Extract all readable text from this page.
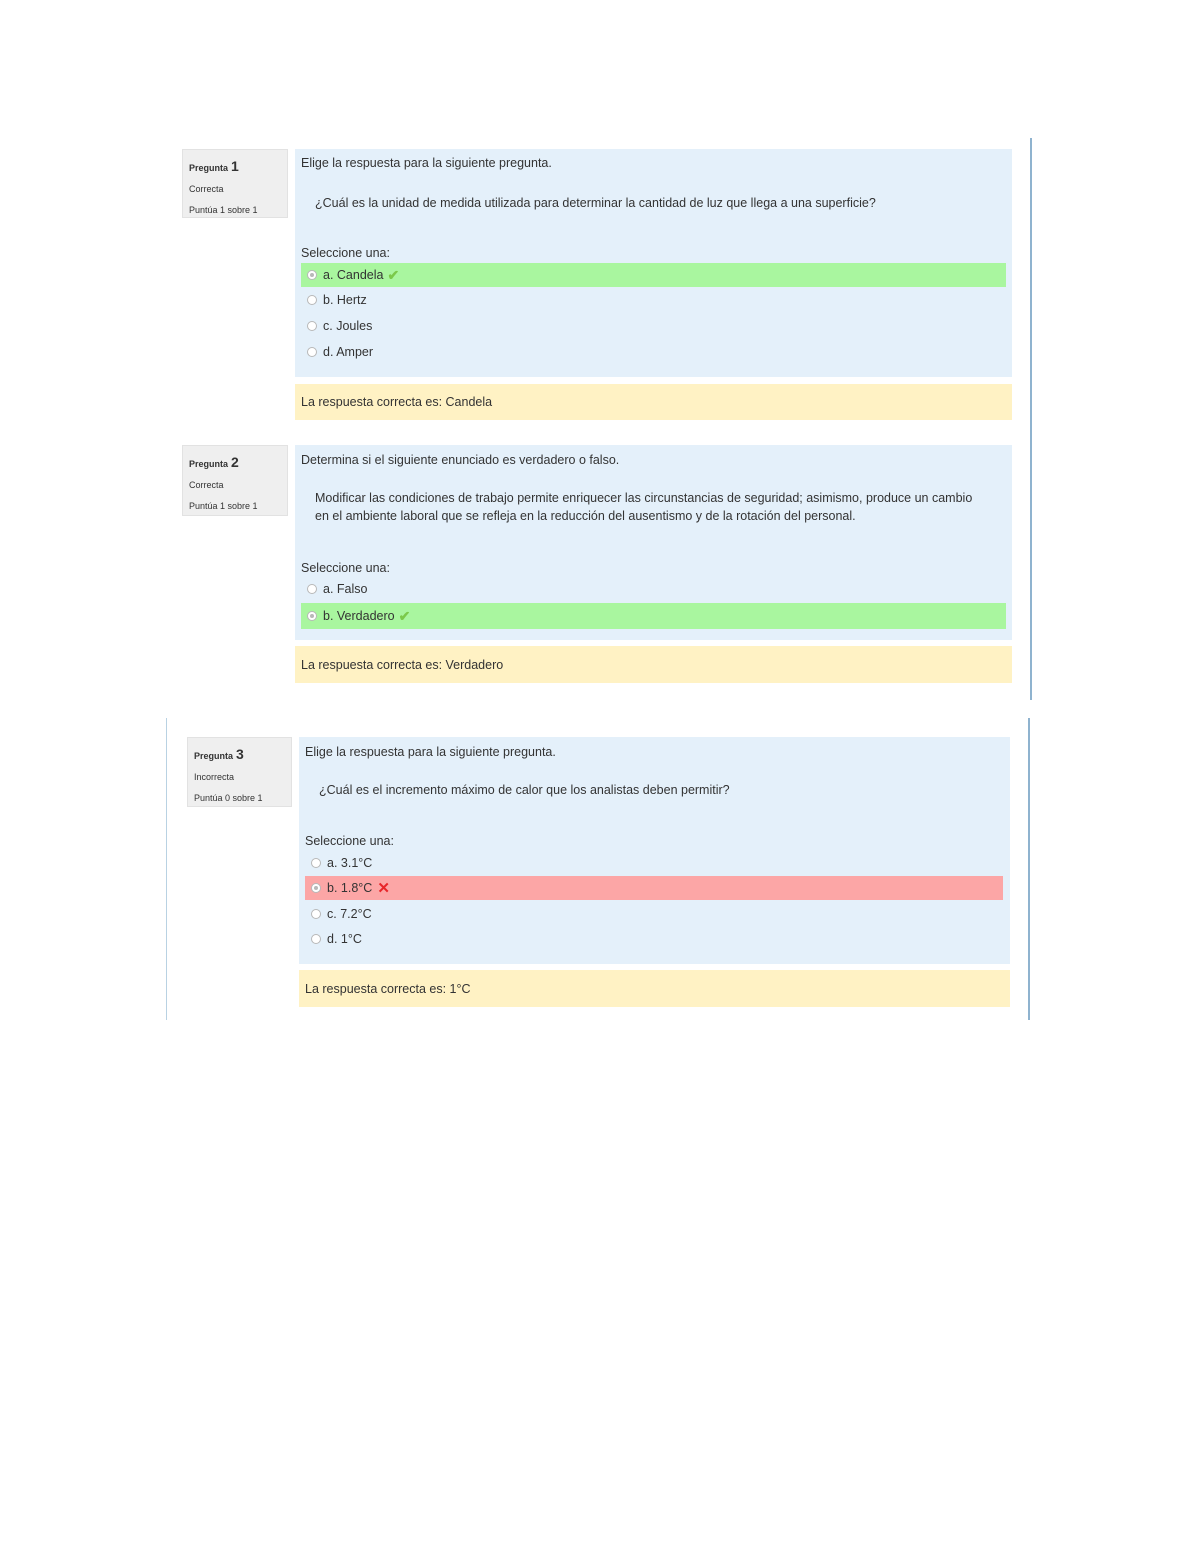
Pregunta 1
Correcta
Puntúa 1 sobre 1
Elige la respuesta para la siguiente pregunta.
¿Cuál es la unidad de medida utilizada para determinar la cantidad de luz que llega a una superficie?
Seleccione una:
a. Candela ✔
b. Hertz
c. Joules
d. Amper
La respuesta correcta es: Candela
Pregunta 2
Correcta
Puntúa 1 sobre 1
Determina si el siguiente enunciado es verdadero o falso.
Modificar las condiciones de trabajo permite enriquecer las circunstancias de seguridad; asimismo, produce un cambio en el ambiente laboral que se refleja en la reducción del ausentismo y de la rotación del personal.
Seleccione una:
a. Falso
b. Verdadero ✔
La respuesta correcta es: Verdadero
Pregunta 3
Incorrecta
Puntúa 0 sobre 1
Elige la respuesta para la siguiente pregunta.
¿Cuál es el incremento máximo de calor que los analistas deben permitir?
Seleccione una:
a. 3.1°C
b. 1.8°C ✕
c. 7.2°C
d. 1°C
La respuesta correcta es: 1°C
